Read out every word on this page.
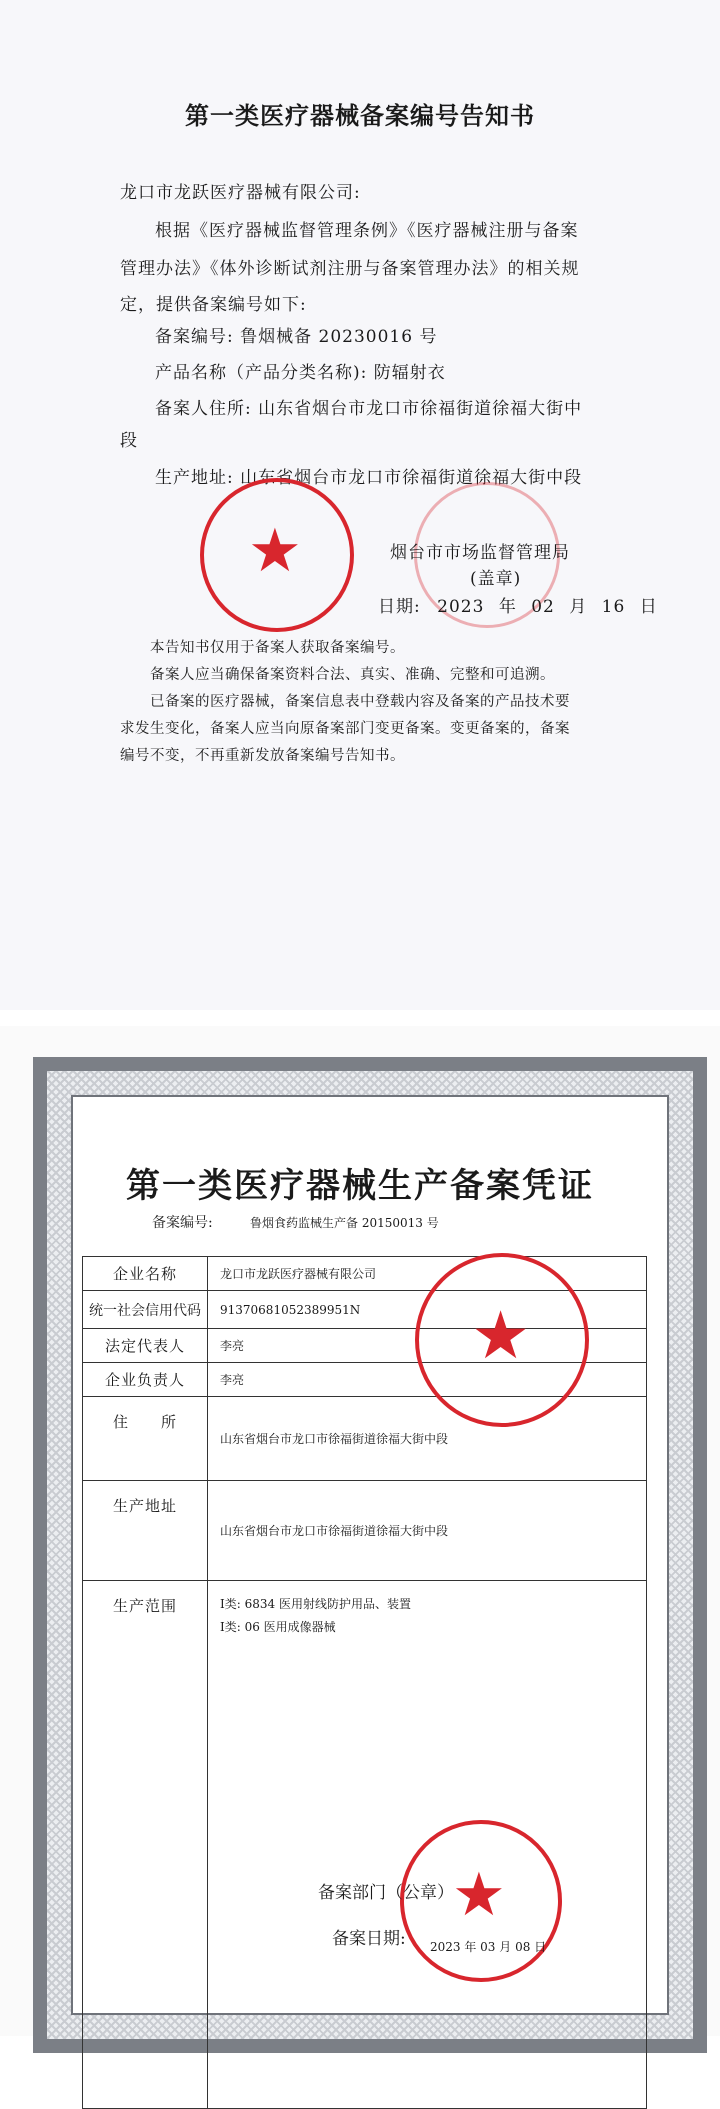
第一类医疗器械备案编号告知书
龙口市龙跃医疗器械有限公司:
根据《医疗器械监督管理条例》《医疗器械注册与备案
管理办法》《体外诊断试剂注册与备案管理办法》的相关规
定，提供备案编号如下:
备案编号: 鲁烟械备 20230016 号
产品名称（产品分类名称): 防辐射衣
备案人住所: 山东省烟台市龙口市徐福街道徐福大街中
段
生产地址: 山东省烟台市龙口市徐福街道徐福大街中段
★	烟台市市场监督管理局
(盖章)
日期: 2023 年 02 月 16 日
本告知书仅用于备案人获取备案编号。
备案人应当确保备案资料合法、真实、准确、完整和可追溯。
已备案的医疗器械，备案信息表中登载内容及备案的产品技术要
求发生变化，备案人应当向原备案部门变更备案。变更备案的，备案
编号不变，不再重新发放备案编号告知书。
第一类医疗器械生产备案凭证
备案编号:	鲁烟食药监械生产备 20150013 号
企业名称	龙口市龙跃医疗器械有限公司
统一社会信用代码	91370681052389951N
法定代表人	李亮
企业负责人	李亮
住　　所	山东省烟台市龙口市徐福街道徐福大街中段
生产地址	山东省烟台市龙口市徐福街道徐福大街中段
生产范围	Ⅰ类: 6834 医用射线防护用品、装置
Ⅰ类: 06 医用成像器械
★
★
备案部门（公章）
备案日期: 2023 年 03 月 08 日
